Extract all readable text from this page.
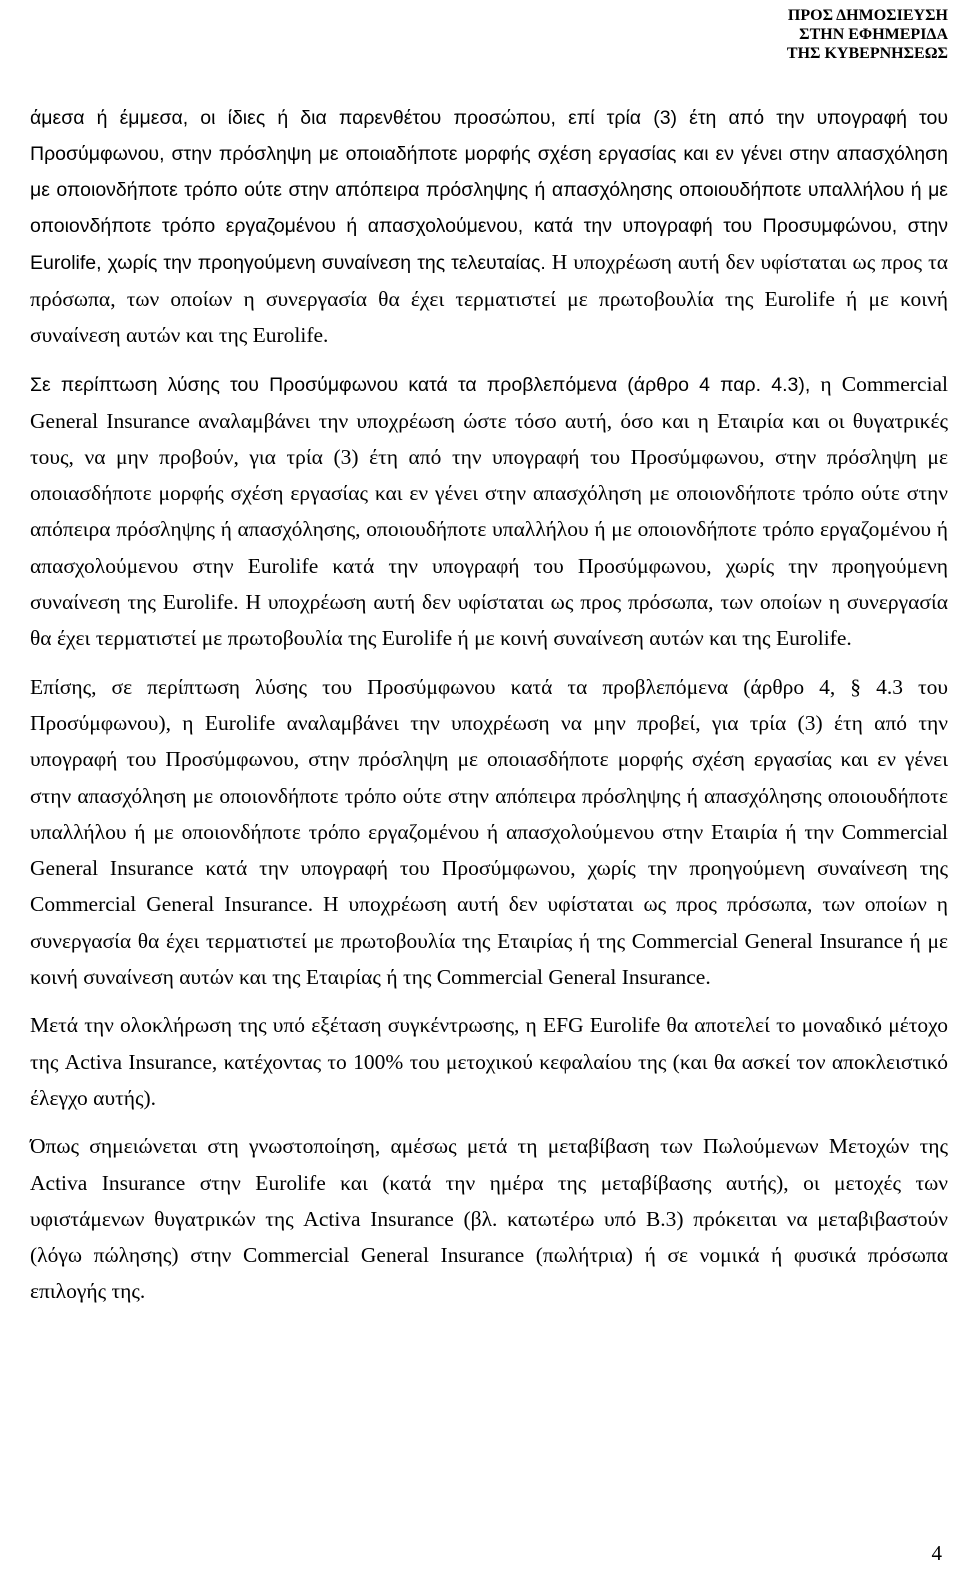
ΠΡΟΣ ΔΗΜΟΣΙΕΥΣΗ
ΣΤΗΝ ΕΦΗΜΕΡΙΔΑ
ΤΗΣ ΚΥΒΕΡΝΗΣΕΩΣ

άμεσα ή έμμεσα, οι ίδιες ή δια παρενθέτου προσώπου, επί τρία (3) έτη από την υπογραφή του Προσύμφωνου, στην πρόσληψη με οποιαδήποτε μορφής σχέση εργασίας και εν γένει στην απασχόληση με οποιονδήποτε τρόπο ούτε στην απόπειρα πρόσληψης ή απασχόλησης οποιουδήποτε υπαλλήλου ή με οποιονδήποτε τρόπο εργαζομένου ή απασχολούμενου, κατά την υπογραφή του Προσυμφώνου, στην Eurolife, χωρίς την προηγούμενη συναίνεση της τελευταίας. Η υποχρέωση αυτή δεν υφίσταται ως προς τα πρόσωπα, των οποίων η συνεργασία θα έχει τερματιστεί με πρωτοβουλία της Eurolife ή με κοινή συναίνεση αυτών και της Eurolife.

Σε περίπτωση λύσης του Προσύμφωνου κατά τα προβλεπόμενα (άρθρο 4 παρ. 4.3), η Commercial General Insurance αναλαμβάνει την υποχρέωση ώστε τόσο αυτή, όσο και η Εταιρία και οι θυγατρικές τους, να μην προβούν, για τρία (3) έτη από την υπογραφή του Προσύμφωνου, στην πρόσληψη με οποιασδήποτε μορφής σχέση εργασίας και εν γένει στην απασχόληση με οποιονδήποτε τρόπο ούτε στην απόπειρα πρόσληψης ή απασχόλησης, οποιουδήποτε υπαλλήλου ή με οποιονδήποτε τρόπο εργαζομένου ή απασχολούμενου στην Eurolife κατά την υπογραφή του Προσύμφωνου, χωρίς την προηγούμενη συναίνεση της Eurolife. Η υποχρέωση αυτή δεν υφίσταται ως προς πρόσωπα, των οποίων η συνεργασία θα έχει τερματιστεί με πρωτοβουλία της Eurolife ή με κοινή συναίνεση αυτών και της Eurolife.

Επίσης, σε περίπτωση λύσης του Προσύμφωνου κατά τα προβλεπόμενα (άρθρο 4, § 4.3 του Προσύμφωνου), η Eurolife αναλαμβάνει την υποχρέωση να μην προβεί, για τρία (3) έτη από την υπογραφή του Προσύμφωνου, στην πρόσληψη με οποιασδήποτε μορφής σχέση εργασίας και εν γένει στην απασχόληση με οποιονδήποτε τρόπο ούτε στην απόπειρα πρόσληψης ή απασχόλησης οποιουδήποτε υπαλλήλου ή με οποιονδήποτε τρόπο εργαζομένου ή απασχολούμενου στην Εταιρία ή την Commercial General Insurance κατά την υπογραφή του Προσύμφωνου, χωρίς την προηγούμενη συναίνεση της Commercial General Insurance. Η υποχρέωση αυτή δεν υφίσταται ως προς πρόσωπα, των οποίων η συνεργασία θα έχει τερματιστεί με πρωτοβουλία της Εταιρίας ή της Commercial General Insurance ή με κοινή συναίνεση αυτών και της Εταιρίας ή της Commercial General Insurance.

Μετά την ολοκλήρωση της υπό εξέταση συγκέντρωσης, η EFG Eurolife θα αποτελεί το μοναδικό μέτοχο της Activa Insurance, κατέχοντας το 100% του μετοχικού κεφαλαίου της (και θα ασκεί τον αποκλειστικό έλεγχο αυτής).

Όπως σημειώνεται στη γνωστοποίηση, αμέσως μετά τη μεταβίβαση των Πωλούμενων Μετοχών της Activa Insurance στην Eurolife και (κατά την ημέρα της μεταβίβασης αυτής), οι μετοχές των υφιστάμενων θυγατρικών της Activa Insurance (βλ. κατωτέρω υπό Β.3) πρόκειται να μεταβιβαστούν (λόγω πώλησης) στην Commercial General Insurance (πωλήτρια) ή σε νομικά ή φυσικά πρόσωπα επιλογής της.

4
